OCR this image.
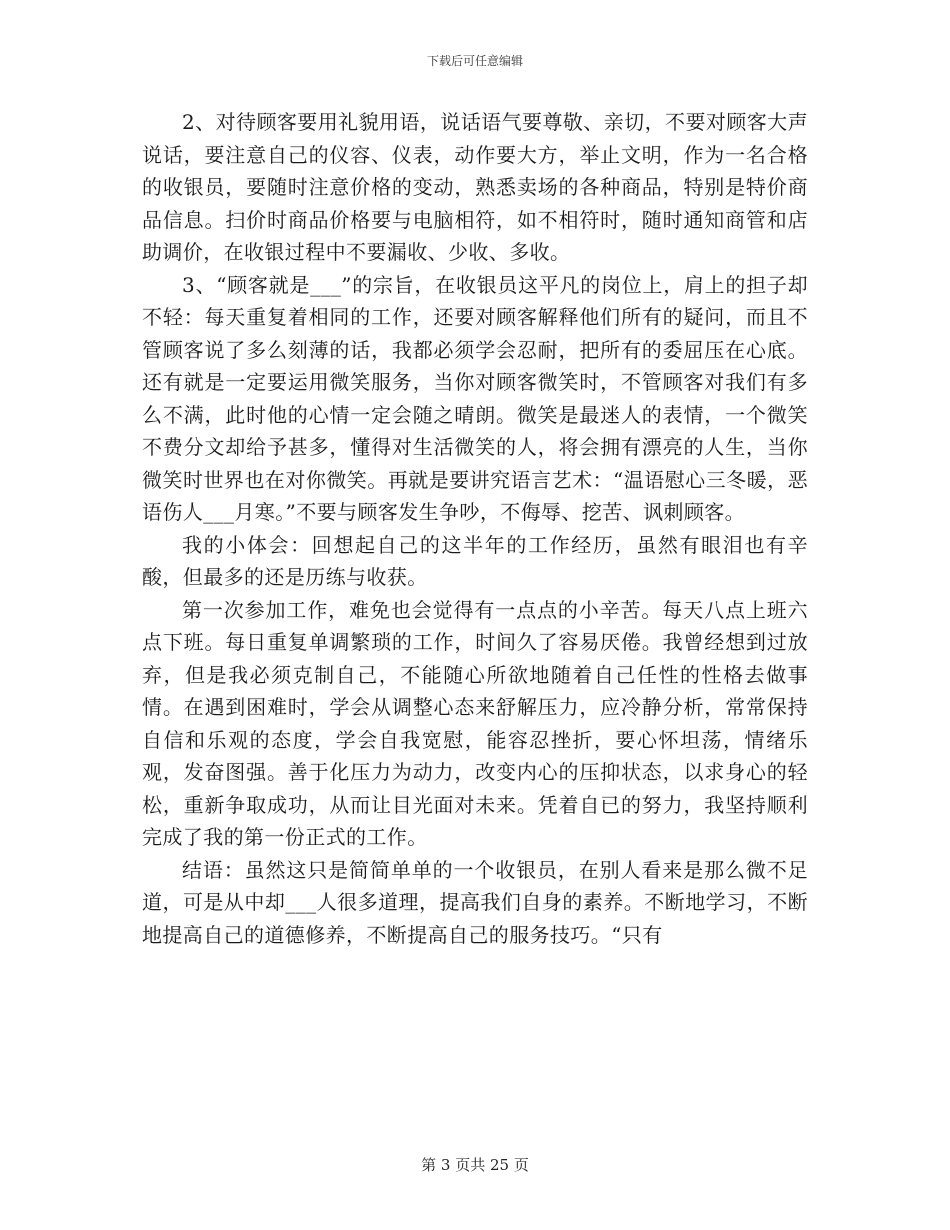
下载后可任意编辑

2、对待顾客要用礼貌用语，说话语气要尊敬、亲切，不要对顾客大声说话，要注意自己的仪容、仪表，动作要大方，举止文明，作为一名合格的收银员，要随时注意价格的变动，熟悉卖场的各种商品，特别是特价商品信息。扫价时商品价格要与电脑相符，如不相符时，随时通知商管和店助调价，在收银过程中不要漏收、少收、多收。

3、“顾客就是___”的宗旨，在收银员这平凡的岗位上，肩上的担子却不轻：每天重复着相同的工作，还要对顾客解释他们所有的疑问，而且不管顾客说了多么刻薄的话，我都必须学会忍耐，把所有的委屈压在心底。还有就是一定要运用微笑服务，当你对顾客微笑时，不管顾客对我们有多么不满，此时他的心情一定会随之晴朗。微笑是最迷人的表情，一个微笑不费分文却给予甚多，懂得对生活微笑的人，将会拥有漂亮的人生，当你微笑时世界也在对你微笑。再就是要讲究语言艺术：“温语慰心三冬暖，恶语伤人___月寒。”不要与顾客发生争吵，不侮辱、挖苦、讽刺顾客。

我的小体会：回想起自己的这半年的工作经历，虽然有眼泪也有辛酸，但最多的还是历练与收获。

第一次参加工作，难免也会觉得有一点点的小辛苦。每天八点上班六点下班。每日重复单调繁琐的工作，时间久了容易厌倦。我曾经想到过放弃，但是我必须克制自己，不能随心所欲地随着自己任性的性格去做事情。在遇到困难时，学会从调整心态来舒解压力，应冷静分析，常常保持自信和乐观的态度，学会自我宽慰，能容忍挫折，要心怀坦荡，情绪乐观，发奋图强。善于化压力为动力，改变内心的压抑状态，以求身心的轻松，重新争取成功，从而让目光面对未来。凭着自已的努力，我坚持顺利完成了我的第一份正式的工作。

结语：虽然这只是简简单单的一个收银员，在别人看来是那么微不足道，可是从中却___人很多道理，提高我们自身的素养。不断地学习，不断地提高自己的道德修养，不断提高自己的服务技巧。“只有

第 3 页共 25 页
